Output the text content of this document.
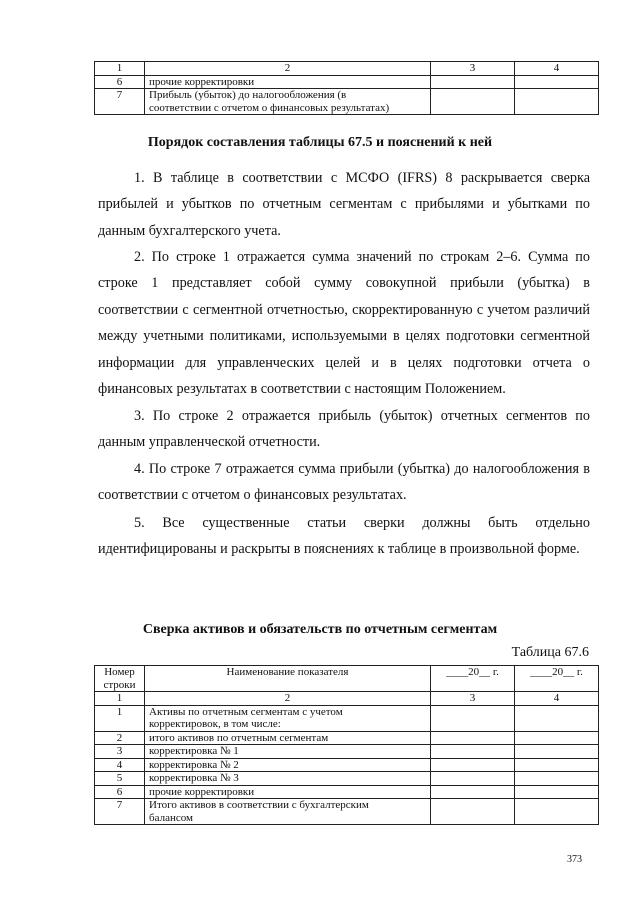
1	2	3	4
6	прочие корректировки		

7	Прибыль (убыток) до налогообложения (в
соответствии с отчетом о финансовых результатах)		

Порядок составления таблицы 67.5 и пояснений к ней

1. В таблице в соответствии с МСФО (IFRS) 8 раскрывается сверка прибылей и убытков по отчетным сегментам с прибылями и убытками по данным бухгалтерского учета.

2. По строке 1 отражается сумма значений по строкам 2–6. Сумма по строке 1 представляет собой сумму совокупной прибыли (убытка) в соответствии с сегментной отчетностью, скорректированную с учетом различий между учетными политиками, используемыми в целях подготовки сегментной информации для управленческих целей и в целях подготовки отчета о финансовых результатах в соответствии с настоящим Положением.

3. По строке 2 отражается прибыль (убыток) отчетных сегментов по данным управленческой отчетности.

4. По строке 7 отражается сумма прибыли (убытка) до налогообложения в соответствии с отчетом о финансовых результатах.

5. Все существенные статьи сверки должны быть отдельно идентифицированы и раскрыты в пояснениях к таблице в произвольной форме.

Сверка активов и обязательств по отчетным сегментам
Таблица 67.6
Номер
строки	Наименование показателя	____20__ г.	____20__ г.
1	2	3	4
1	Активы по отчетным сегментам с учетом
корректировок, в том числе:		

2	итого активов по отчетным сегментам		

3	корректировка № 1		

4	корректировка № 2		

5	корректировка № 3		

6	прочие корректировки		

7	Итого активов в соответствии с бухгалтерским
балансом		

373
